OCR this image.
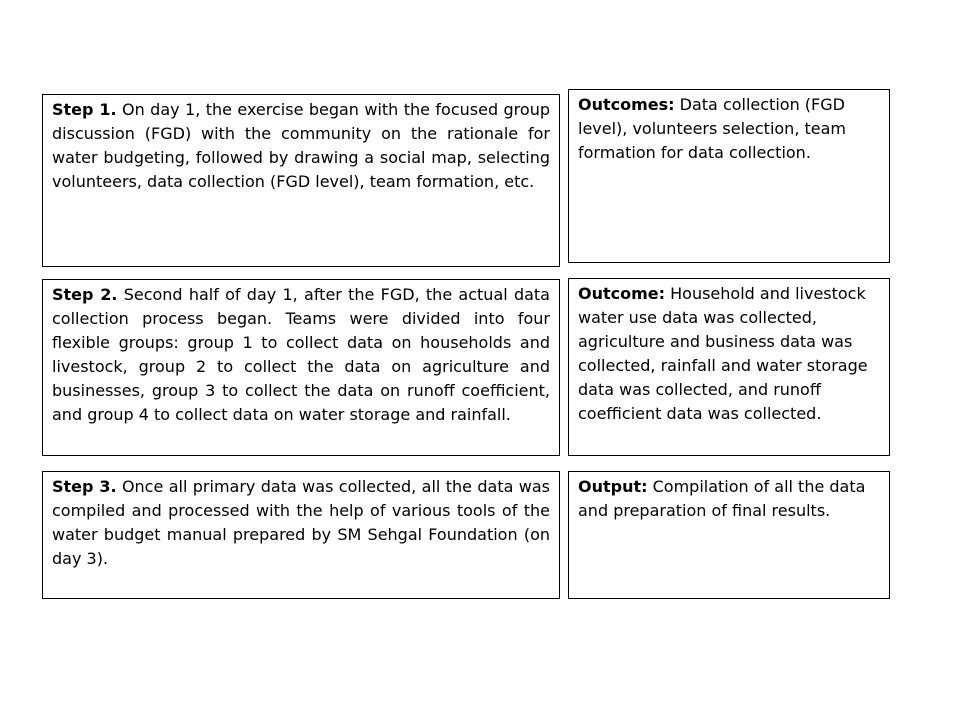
Step 1. On day 1, the exercise began with the focused group discussion (FGD) with the community on the rationale for water budgeting, followed by drawing a social map, selecting volunteers, data collection (FGD level), team formation, etc.
Outcomes: Data collection (FGD level), volunteers selection, team formation for data collection.
Step 2. Second half of day 1, after the FGD, the actual data collection process began. Teams were divided into four flexible groups: group 1 to collect data on households and livestock, group 2 to collect the data on agriculture and businesses, group 3 to collect the data on runoff coefficient, and group 4 to collect data on water storage and rainfall.
Outcome: Household and livestock water use data was collected, agriculture and business data was collected, rainfall and water storage data was collected, and runoff coefficient data was collected.
Step 3. Once all primary data was collected, all the data was compiled and processed with the help of various tools of the water budget manual prepared by SM Sehgal Foundation (on day 3).
Output: Compilation of all the data and preparation of final results.
